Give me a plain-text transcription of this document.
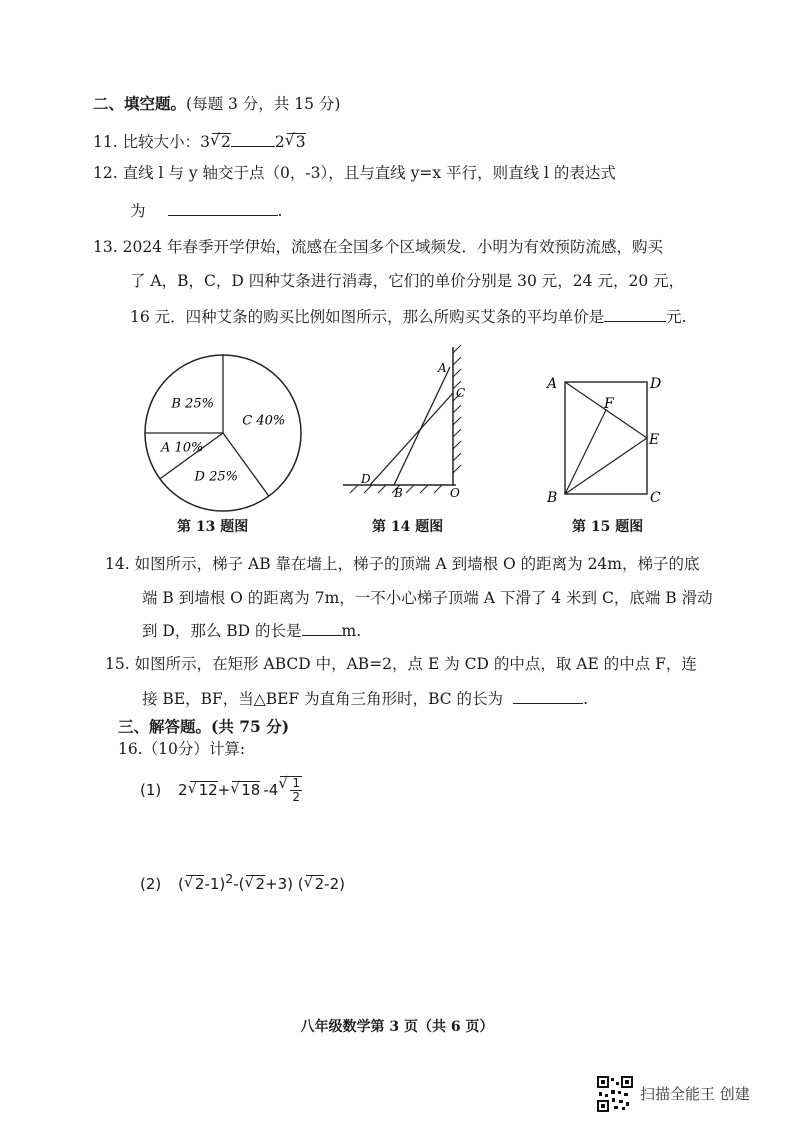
二、填空题。(每题 3 分，共 15 分)
11. 比较大小：3 √ 2	2 √ 3
12. 直线 l 与 y 轴交于点（0，-3），且与直线 y=x 平行，则直线 l 的表达式
为	.
13. 2024 年春季开学伊始，流感在全国多个区域频发．小明为有效预防流感，购买
了 A，B，C，D 四种艾条进行消毒，它们的单价分别是 30 元，24 元，20 元，
16 元．四种艾条的购买比例如图所示，那么所购买艾条的平均单价是	元.
C 40%
D 25%
A 10%
B 25%
第 13 题图
A
C
D
B	O
第 14 题图
A	D
F
E
B	C
第 15 题图
14. 如图所示，梯子 AB 靠在墙上，梯子的顶端 A 到墙根 O 的距离为 24m，梯子的底
端 B 到墙根 O 的距离为 7m，一不小心梯子顶端 A 下滑了 4 米到 C，底端 B 滑动
到 D，那么 BD 的长是	m.
15. 如图所示，在矩形 ABCD 中，AB=2，点 E 为 CD 的中点，取 AE 的中点 F，连
接 BE，BF，当△BEF 为直角三角形时，BC 的长为	.
三、解答题。(共 75 分)
16.（10分）计算:
(1) 2 √ 12+ √ 18 -4 √ $\frac{1}{2}$
(2) ( √ 2-1)$^2$-( √ 2+3) ( √ 2-2)
八年级数学第 3 页（共 6 页）
扫描全能王 创建
